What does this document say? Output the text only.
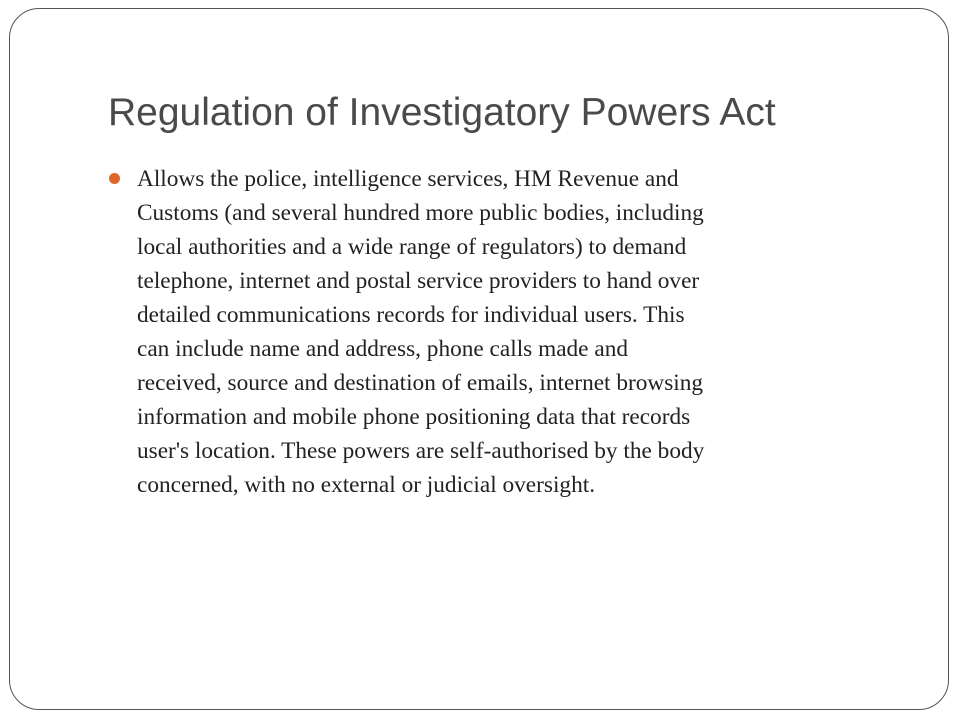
Regulation of Investigatory Powers Act

Allows the police, intelligence services, HM Revenue and
Customs (and several hundred more public bodies, including
local authorities and a wide range of regulators) to demand
telephone, internet and postal service providers to hand over
detailed communications records for individual users. This
can include name and address, phone calls made and
received, source and destination of emails, internet browsing
information and mobile phone positioning data that records
user's location. These powers are self-authorised by the body
concerned, with no external or judicial oversight.
